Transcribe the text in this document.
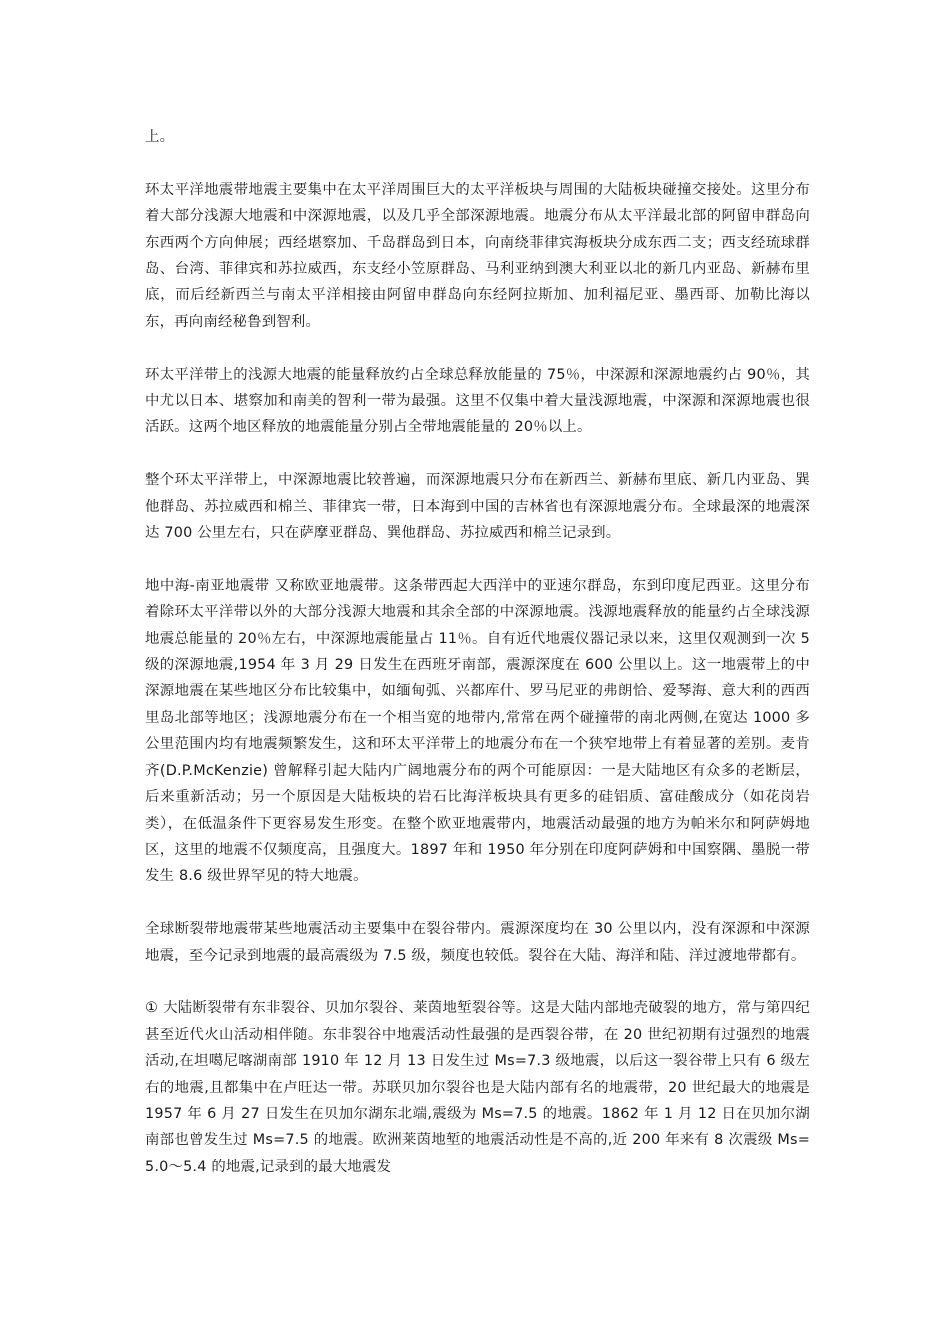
上。

环太平洋地震带地震主要集中在太平洋周围巨大的太平洋板块与周围的大陆板块碰撞交接处。这里分布着大部分浅源大地震和中深源地震，以及几乎全部深源地震。地震分布从太平洋最北部的阿留申群岛向东西两个方向伸展；西经堪察加、千岛群岛到日本，向南绕菲律宾海板块分成东西二支；西支经琉球群岛、台湾、菲律宾和苏拉威西，东支经小笠原群岛、马利亚纳到澳大利亚以北的新几内亚岛、新赫布里底，而后经新西兰与南太平洋相接由阿留申群岛向东经阿拉斯加、加利福尼亚、墨西哥、加勒比海以东，再向南经秘鲁到智利。

环太平洋带上的浅源大地震的能量释放约占全球总释放能量的 75％，中深源和深源地震约占 90％，其中尤以日本、堪察加和南美的智利一带为最强。这里不仅集中着大量浅源地震，中深源和深源地震也很活跃。这两个地区释放的地震能量分别占全带地震能量的 20％以上。

整个环太平洋带上，中深源地震比较普遍，而深源地震只分布在新西兰、新赫布里底、新几内亚岛、巽他群岛、苏拉威西和棉兰、菲律宾一带，日本海到中国的吉林省也有深源地震分布。全球最深的地震深达 700 公里左右，只在萨摩亚群岛、巽他群岛、苏拉威西和棉兰记录到。

地中海-南亚地震带 又称欧亚地震带。这条带西起大西洋中的亚速尔群岛，东到印度尼西亚。这里分布着除环太平洋带以外的大部分浅源大地震和其余全部的中深源地震。浅源地震释放的能量约占全球浅源地震总能量的 20％左右，中深源地震能量占 11％。自有近代地震仪器记录以来，这里仅观测到一次 5 级的深源地震,1954 年 3 月 29 日发生在西班牙南部，震源深度在 600 公里以上。这一地震带上的中深源地震在某些地区分布比较集中，如缅甸弧、兴都库什、罗马尼亚的弗朗恰、爱琴海、意大利的西西里岛北部等地区；浅源地震分布在一个相当宽的地带内,常常在两个碰撞带的南北两侧,在宽达 1000 多公里范围内均有地震频繁发生，这和环太平洋带上的地震分布在一个狭窄地带上有着显著的差别。麦肯齐(D.P.McKenzie) 曾解释引起大陆内广阔地震分布的两个可能原因：一是大陆地区有众多的老断层，后来重新活动；另一个原因是大陆板块的岩石比海洋板块具有更多的硅铝质、富硅酸成分（如花岗岩类），在低温条件下更容易发生形变。在整个欧亚地震带内，地震活动最强的地方为帕米尔和阿萨姆地区，这里的地震不仅频度高，且强度大。1897 年和 1950 年分别在印度阿萨姆和中国察隅、墨脱一带发生 8.6 级世界罕见的特大地震。

全球断裂带地震带某些地震活动主要集中在裂谷带内。震源深度均在 30 公里以内，没有深源和中深源地震，至今记录到地震的最高震级为 7.5 级，频度也较低。裂谷在大陆、海洋和陆、洋过渡地带都有。

① 大陆断裂带有东非裂谷、贝加尔裂谷、莱茵地堑裂谷等。这是大陆内部地壳破裂的地方，常与第四纪甚至近代火山活动相伴随。东非裂谷中地震活动性最强的是西裂谷带，在 20 世纪初期有过强烈的地震活动,在坦噶尼喀湖南部 1910 年 12 月 13 日发生过 Ms=7.3 级地震，以后这一裂谷带上只有 6 级左右的地震,且都集中在卢旺达一带。苏联贝加尔裂谷也是大陆内部有名的地震带，20 世纪最大的地震是 1957 年 6 月 27 日发生在贝加尔湖东北端,震级为 Ms=7.5 的地震。1862 年 1 月 12 日在贝加尔湖南部也曾发生过 Ms=7.5 的地震。欧洲莱茵地堑的地震活动性是不高的,近 200 年来有 8 次震级 Ms=5.0～5.4 的地震,记录到的最大地震发
